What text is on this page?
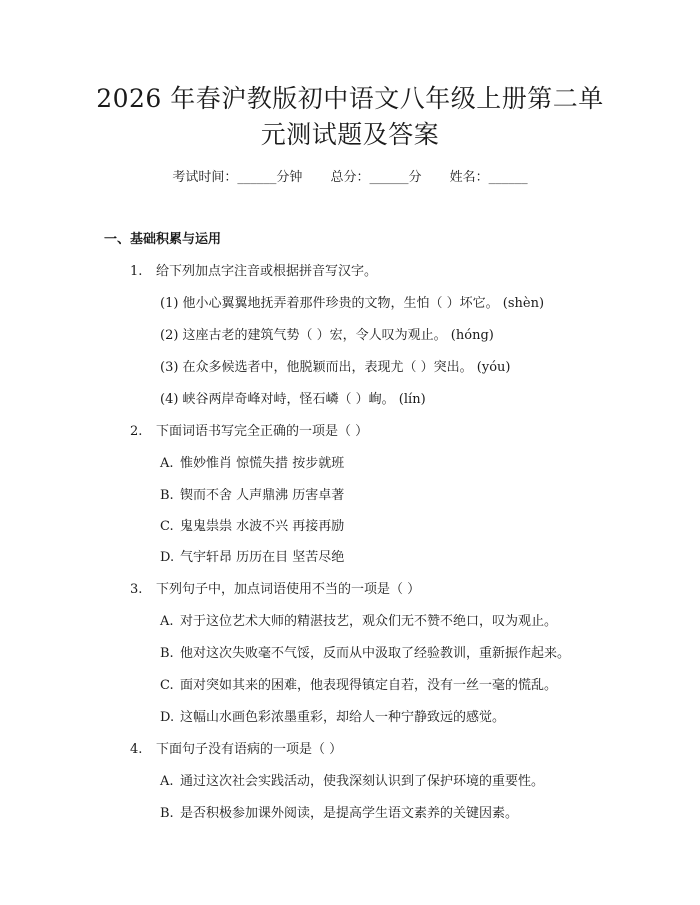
2026 年春沪教版初中语文八年级上册第二单
元测试题及答案
考试时间：______分钟 总分：______分 姓名：______
一、基础积累与运用
1. 给下列加点字注音或根据拼音写汉字。
(1) 他小心翼翼地抚弄着那件珍贵的文物，生怕（ ）坏它。 (shèn)
(2) 这座古老的建筑气势（ ）宏，令人叹为观止。 (hóng)
(3) 在众多候选者中，他脱颖而出，表现尤（ ）突出。 (yóu)
(4) 峡谷两岸奇峰对峙，怪石嶙（ ）峋。 (lín)
2. 下面词语书写完全正确的一项是（ ）
A. 惟妙惟肖 惊慌失措 按步就班
B. 锲而不舍 人声鼎沸 历害卓著
C. 鬼鬼祟祟 水波不兴 再接再励
D. 气宇轩昂 历历在目 坚苦尽绝
3. 下列句子中，加点词语使用不当的一项是（ ）
A. 对于这位艺术大师的精湛技艺，观众们无不赞不绝口，叹为观止。
B. 他对这次失败毫不气馁，反而从中汲取了经验教训，重新振作起来。
C. 面对突如其来的困难，他表现得镇定自若，没有一丝一毫的慌乱。
D. 这幅山水画色彩浓墨重彩，却给人一种宁静致远的感觉。
4. 下面句子没有语病的一项是（ ）
A. 通过这次社会实践活动，使我深刻认识到了保护环境的重要性。
B. 是否积极参加课外阅读，是提高学生语文素养的关键因素。
